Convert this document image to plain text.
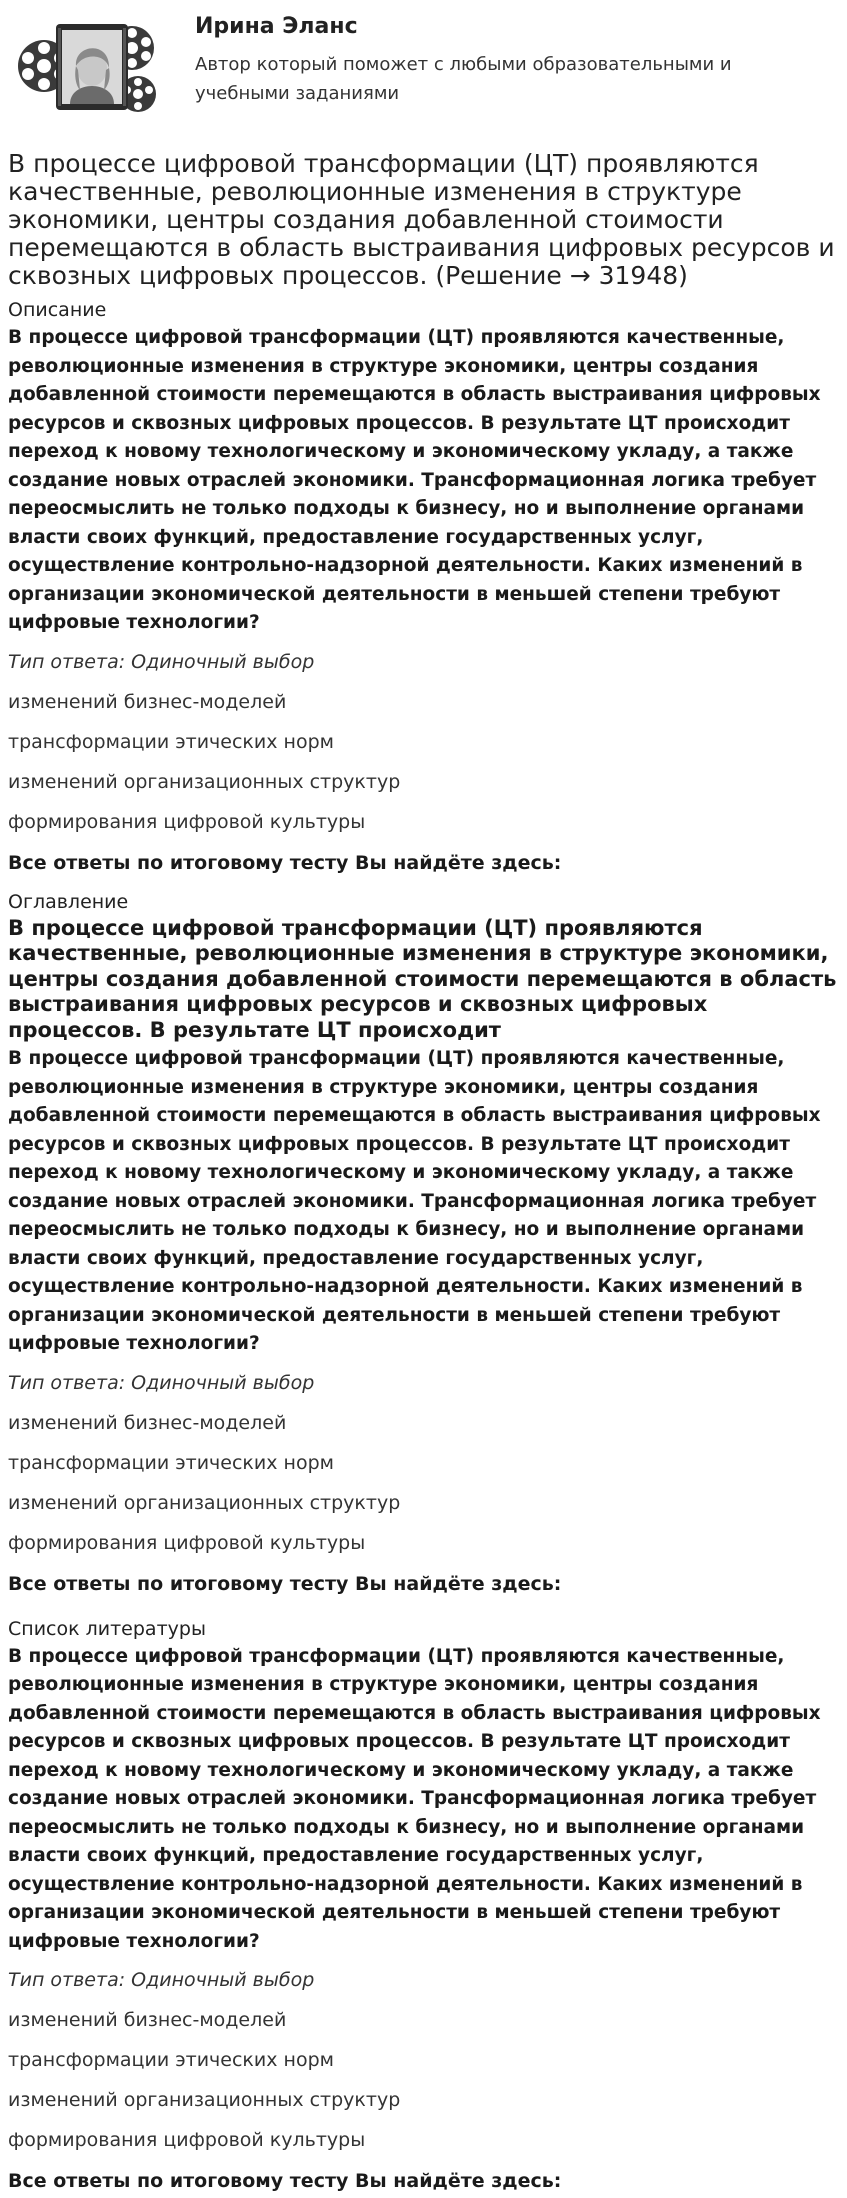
Ирина Эланс
Автор который поможет с любыми образовательными и учебными заданиями
В процессе цифровой трансформации (ЦТ) проявляются качественные, революционные изменения в структуре экономики, центры создания добавленной стоимости перемещаются в область выстраивания цифровых ресурсов и сквозных цифровых процессов. (Решение → 31948)
Описание

В процессе цифровой трансформации (ЦТ) проявляются качественные, революционные изменения в структуре экономики, центры создания добавленной стоимости перемещаются в область выстраивания цифровых ресурсов и сквозных цифровых процессов. В результате ЦТ происходит переход к новому технологическому и экономическому укладу, а также создание новых отраслей экономики. Трансформационная логика требует переосмыслить не только подходы к бизнесу, но и выполнение органами власти своих функций, предоставление государственных услуг, осуществление контрольно-надзорной деятельности. Каких изменений в организации экономической деятельности в меньшей степени требуют цифровые технологии?

Тип ответа: Одиночный выбор
изменений бизнес-моделей
трансформации этических норм
изменений организационных структур
формирования цифровой культуры
Все ответы по итоговому тесту Вы найдёте здесь:
Оглавление
В процессе цифровой трансформации (ЦТ) проявляются качественные, революционные изменения в структуре экономики, центры создания добавленной стоимости перемещаются в область выстраивания цифровых ресурсов и сквозных цифровых процессов. В результате ЦТ происходит

В процессе цифровой трансформации (ЦТ) проявляются качественные, революционные изменения в структуре экономики, центры создания добавленной стоимости перемещаются в область выстраивания цифровых ресурсов и сквозных цифровых процессов. В результате ЦТ происходит переход к новому технологическому и экономическому укладу, а также создание новых отраслей экономики. Трансформационная логика требует переосмыслить не только подходы к бизнесу, но и выполнение органами власти своих функций, предоставление государственных услуг, осуществление контрольно-надзорной деятельности. Каких изменений в организации экономической деятельности в меньшей степени требуют цифровые технологии?

Тип ответа: Одиночный выбор
изменений бизнес-моделей
трансформации этических норм
изменений организационных структур
формирования цифровой культуры
Все ответы по итоговому тесту Вы найдёте здесь:
Список литературы

В процессе цифровой трансформации (ЦТ) проявляются качественные, революционные изменения в структуре экономики, центры создания добавленной стоимости перемещаются в область выстраивания цифровых ресурсов и сквозных цифровых процессов. В результате ЦТ происходит переход к новому технологическому и экономическому укладу, а также создание новых отраслей экономики. Трансформационная логика требует переосмыслить не только подходы к бизнесу, но и выполнение органами власти своих функций, предоставление государственных услуг, осуществление контрольно-надзорной деятельности. Каких изменений в организации экономической деятельности в меньшей степени требуют цифровые технологии?

Тип ответа: Одиночный выбор
изменений бизнес-моделей
трансформации этических норм
изменений организационных структур
формирования цифровой культуры
Все ответы по итоговому тесту Вы найдёте здесь:
